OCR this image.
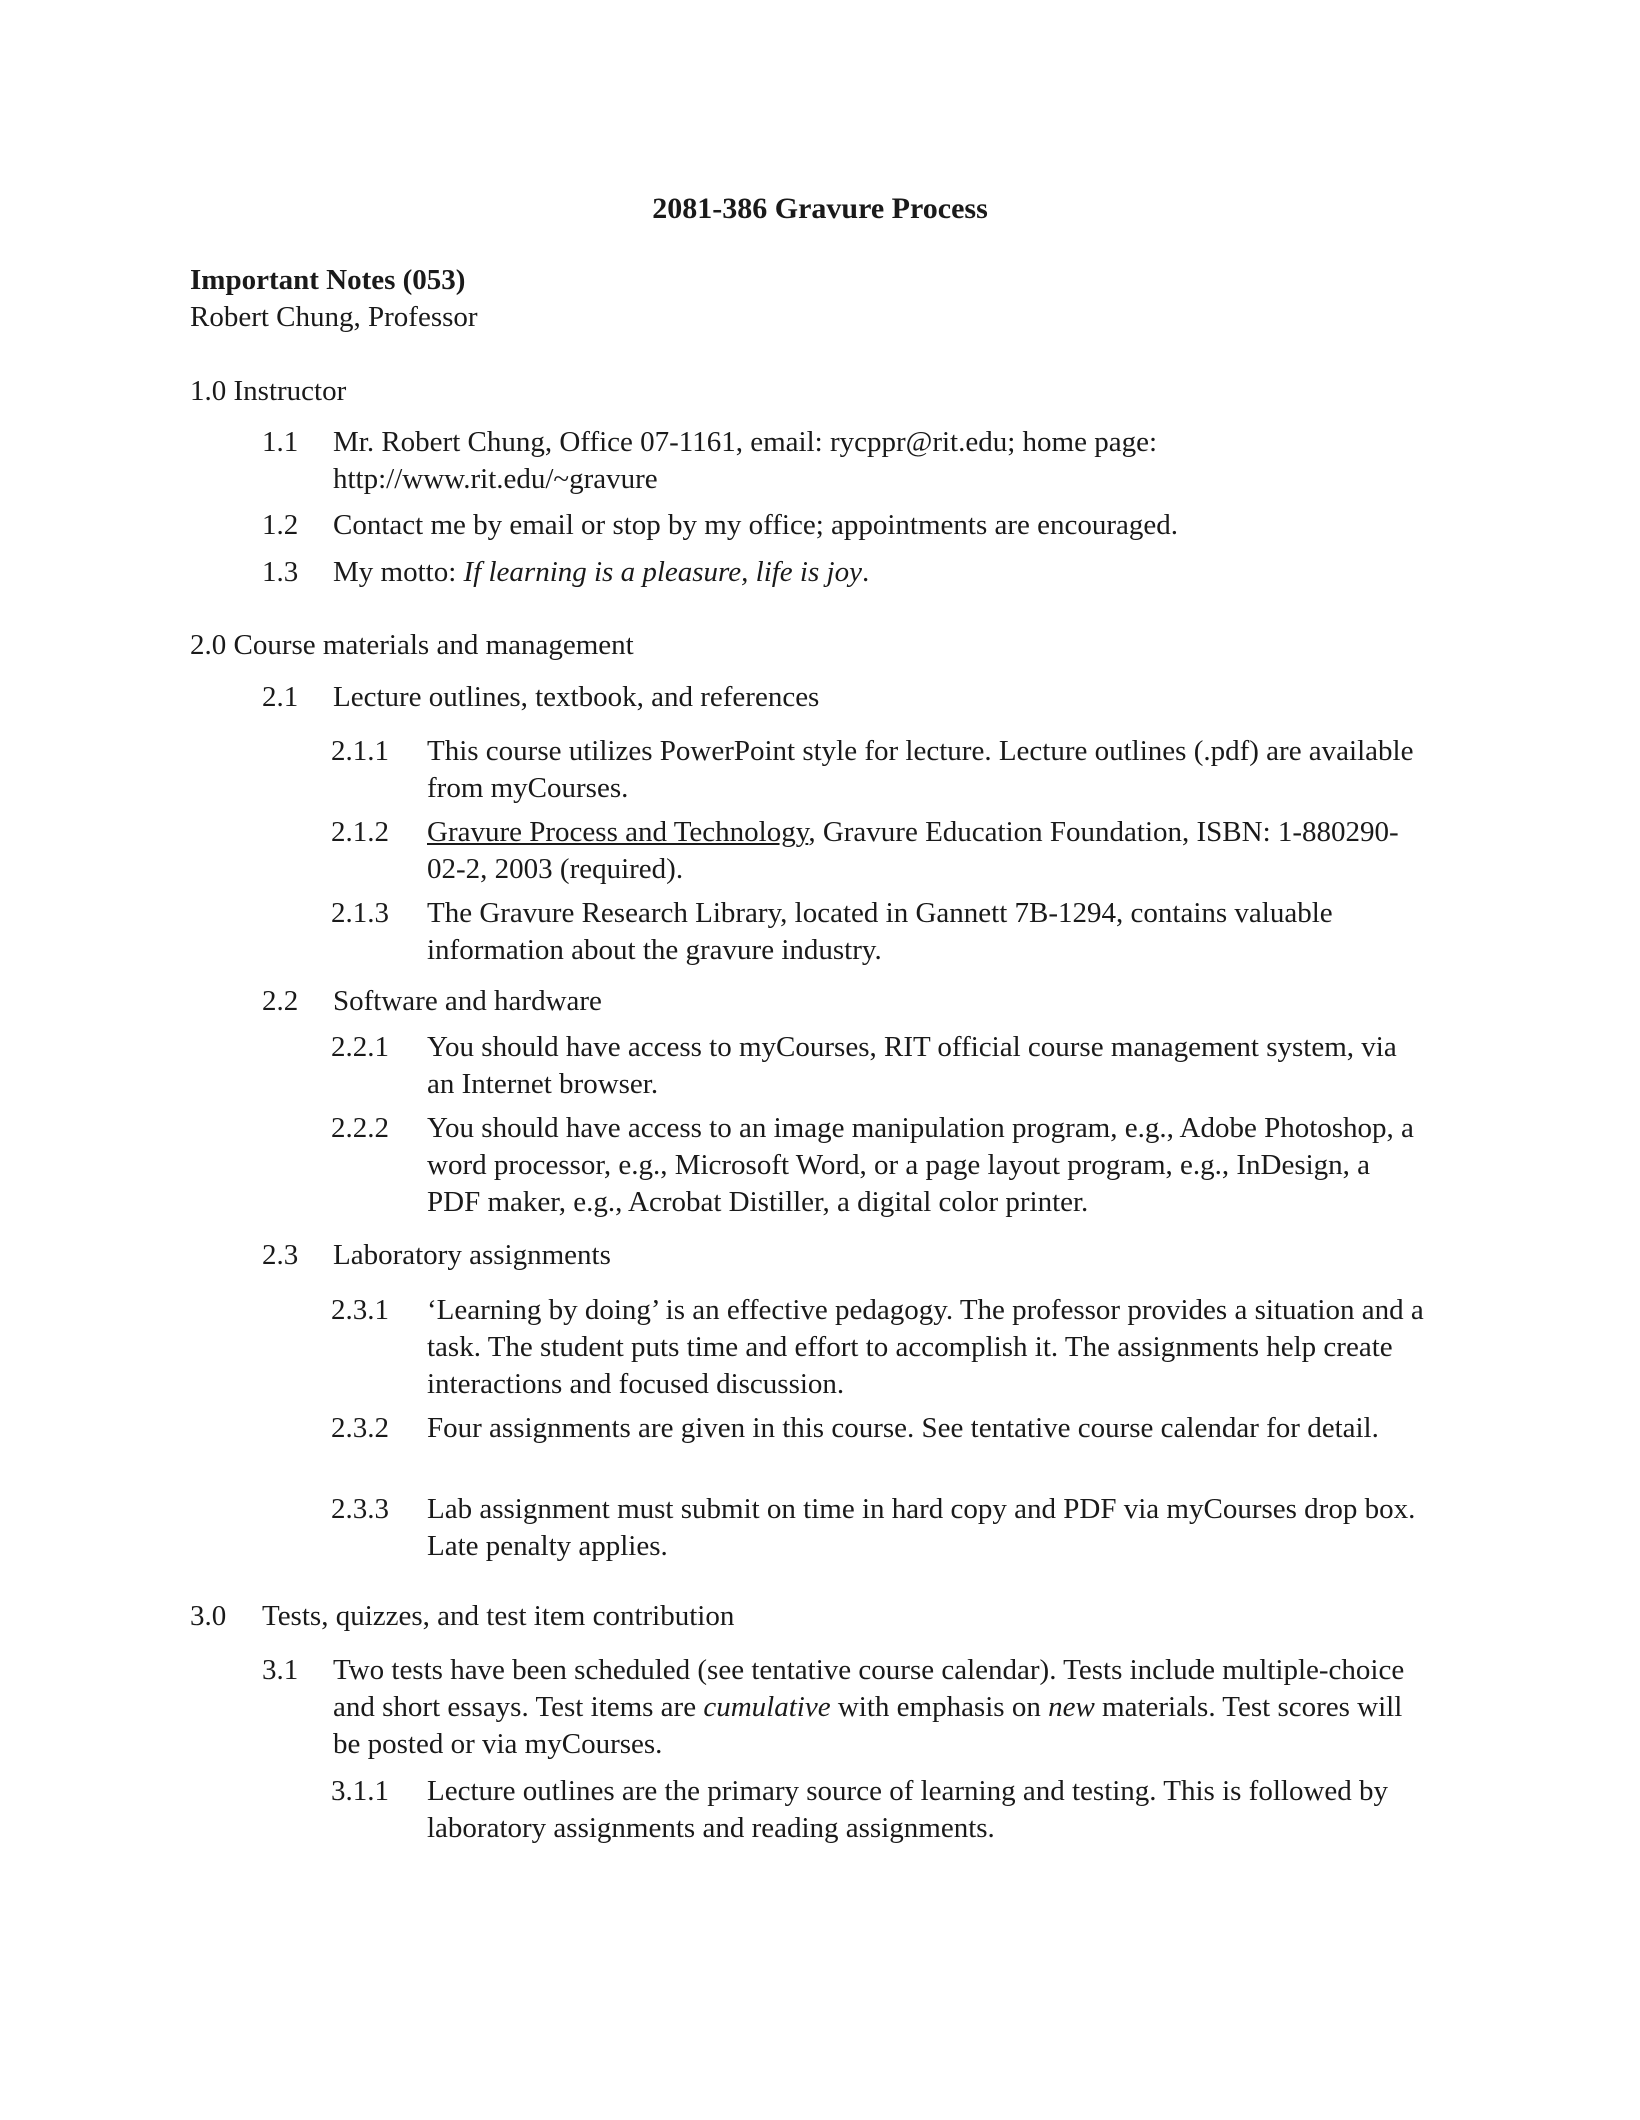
2081-386 Gravure Process
Important Notes (053)
Robert Chung, Professor
1.0 Instructor
1.1	Mr. Robert Chung, Office 07-1161, email: rycppr@rit.edu; home page: http://www.rit.edu/~gravure
1.2	Contact me by email or stop by my office; appointments are encouraged.
1.3	My motto: If learning is a pleasure, life is joy.
2.0 Course materials and management
2.1	Lecture outlines, textbook, and references
2.1.1	This course utilizes PowerPoint style for lecture. Lecture outlines (.pdf) are available from myCourses.
2.1.2	Gravure Process and Technology, Gravure Education Foundation, ISBN: 1-880290-02-2, 2003 (required).
2.1.3	The Gravure Research Library, located in Gannett 7B-1294, contains valuable information about the gravure industry.
2.2	Software and hardware
2.2.1	You should have access to myCourses, RIT official course management system, via an Internet browser.
2.2.2	You should have access to an image manipulation program, e.g., Adobe Photoshop, a word processor, e.g., Microsoft Word, or a page layout program, e.g., InDesign, a PDF maker, e.g., Acrobat Distiller, a digital color printer.
2.3	Laboratory assignments
2.3.1	‘Learning by doing’ is an effective pedagogy. The professor provides a situation and a task. The student puts time and effort to accomplish it. The assignments help create interactions and focused discussion.
2.3.2	Four assignments are given in this course. See tentative course calendar for detail.
2.3.3	Lab assignment must submit on time in hard copy and PDF via myCourses drop box. Late penalty applies.
3.0	Tests, quizzes, and test item contribution
3.1	Two tests have been scheduled (see tentative course calendar). Tests include multiple-choice and short essays. Test items are cumulative with emphasis on new materials. Test scores will be posted or via myCourses.
3.1.1	Lecture outlines are the primary source of learning and testing. This is followed by laboratory assignments and reading assignments.
